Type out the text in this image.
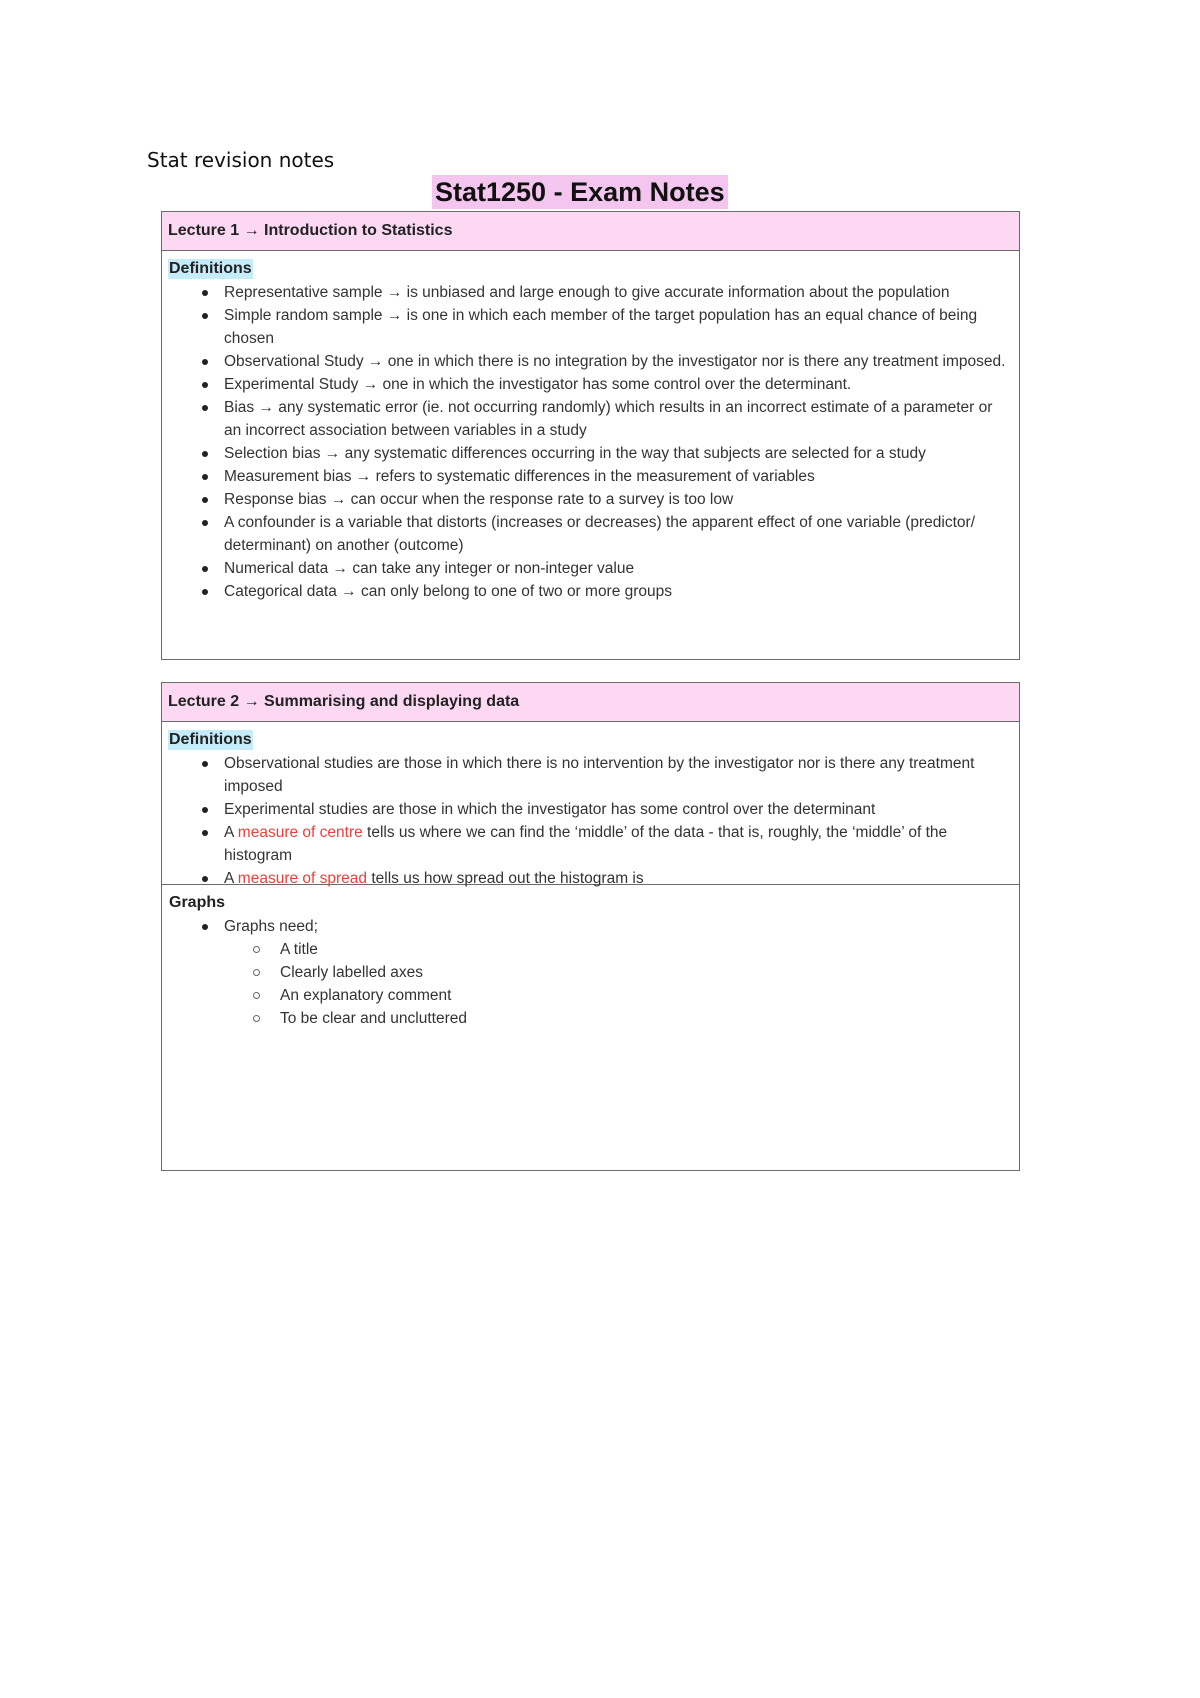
Stat revision notes
Stat1250 - Exam Notes
Lecture 1 → Introduction to Statistics
Definitions
Representative sample → is unbiased and large enough to give accurate information about the population
Simple random sample → is one in which each member of the target population has an equal chance of being chosen
Observational Study → one in which there is no integration by the investigator nor is there any treatment imposed.
Experimental Study → one in which the investigator has some control over the determinant.
Bias → any systematic error (ie. not occurring randomly) which results in an incorrect estimate of a parameter or an incorrect association between variables in a study
Selection bias → any systematic differences occurring in the way that subjects are selected for a study
Measurement bias → refers to systematic differences in the measurement of variables
Response bias → can occur when the response rate to a survey is too low
A confounder is a variable that distorts (increases or decreases) the apparent effect of one variable (predictor/ determinant) on another (outcome)
Numerical data → can take any integer or non-integer value
Categorical data → can only belong to one of two or more groups
Lecture 2 → Summarising and displaying data
Definitions
Observational studies are those in which there is no intervention by the investigator nor is there any treatment imposed
Experimental studies are those in which the investigator has some control over the determinant
A measure of centre tells us where we can find the ‘middle’ of the data - that is, roughly, the ‘middle’ of the histogram
A measure of spread tells us how spread out the histogram is
Graphs
Graphs need;
A title
Clearly labelled axes
An explanatory comment
To be clear and uncluttered
